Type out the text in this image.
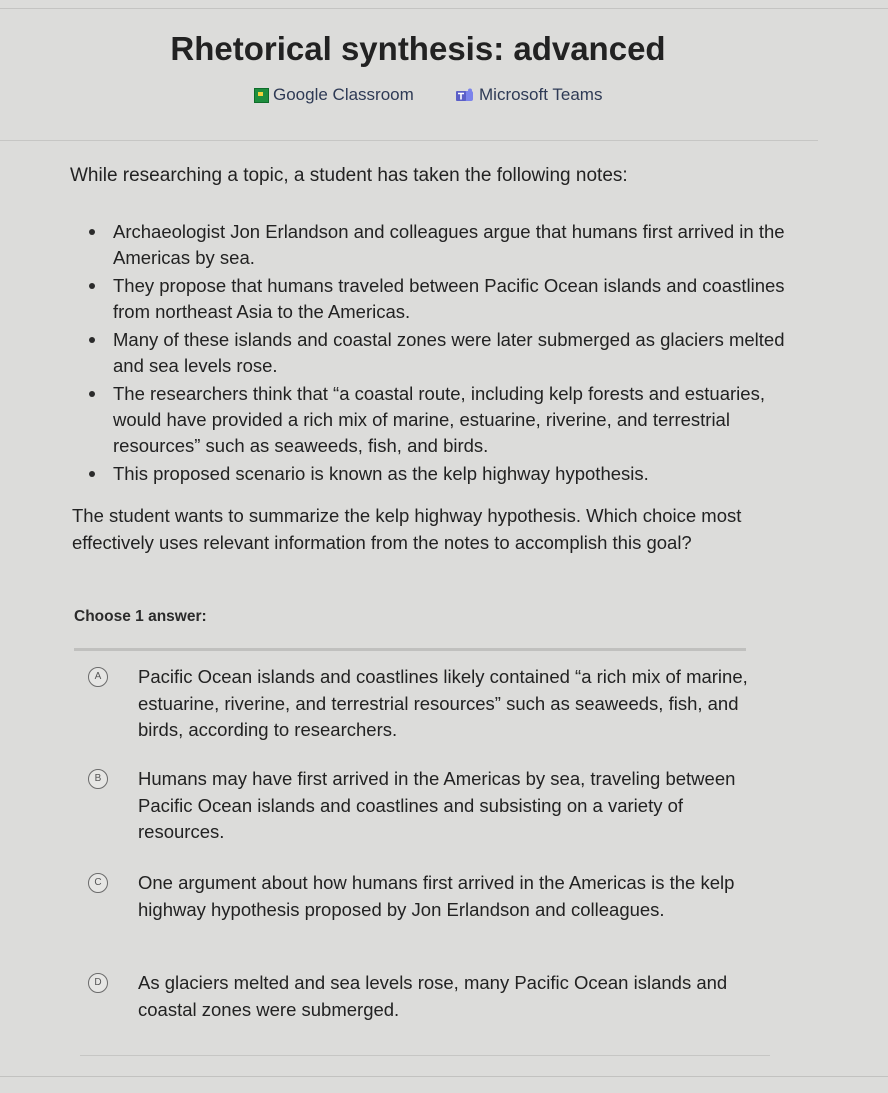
Rhetorical synthesis: advanced
Google Classroom	Microsoft Teams
While researching a topic, a student has taken the following notes:
Archaeologist Jon Erlandson and colleagues argue that humans first arrived in the Americas by sea.
They propose that humans traveled between Pacific Ocean islands and coastlines from northeast Asia to the Americas.
Many of these islands and coastal zones were later submerged as glaciers melted and sea levels rose.
The researchers think that “a coastal route, including kelp forests and estuaries, would have provided a rich mix of marine, estuarine, riverine, and terrestrial resources” such as seaweeds, fish, and birds.
This proposed scenario is known as the kelp highway hypothesis.
The student wants to summarize the kelp highway hypothesis. Which choice most effectively uses relevant information from the notes to accomplish this goal?
Choose 1 answer:
A	Pacific Ocean islands and coastlines likely contained “a rich mix of marine, estuarine, riverine, and terrestrial resources” such as seaweeds, fish, and birds, according to researchers.
B	Humans may have first arrived in the Americas by sea, traveling between Pacific Ocean islands and coastlines and subsisting on a variety of resources.
C	One argument about how humans first arrived in the Americas is the kelp highway hypothesis proposed by Jon Erlandson and colleagues.
D	As glaciers melted and sea levels rose, many Pacific Ocean islands and coastal zones were submerged.
